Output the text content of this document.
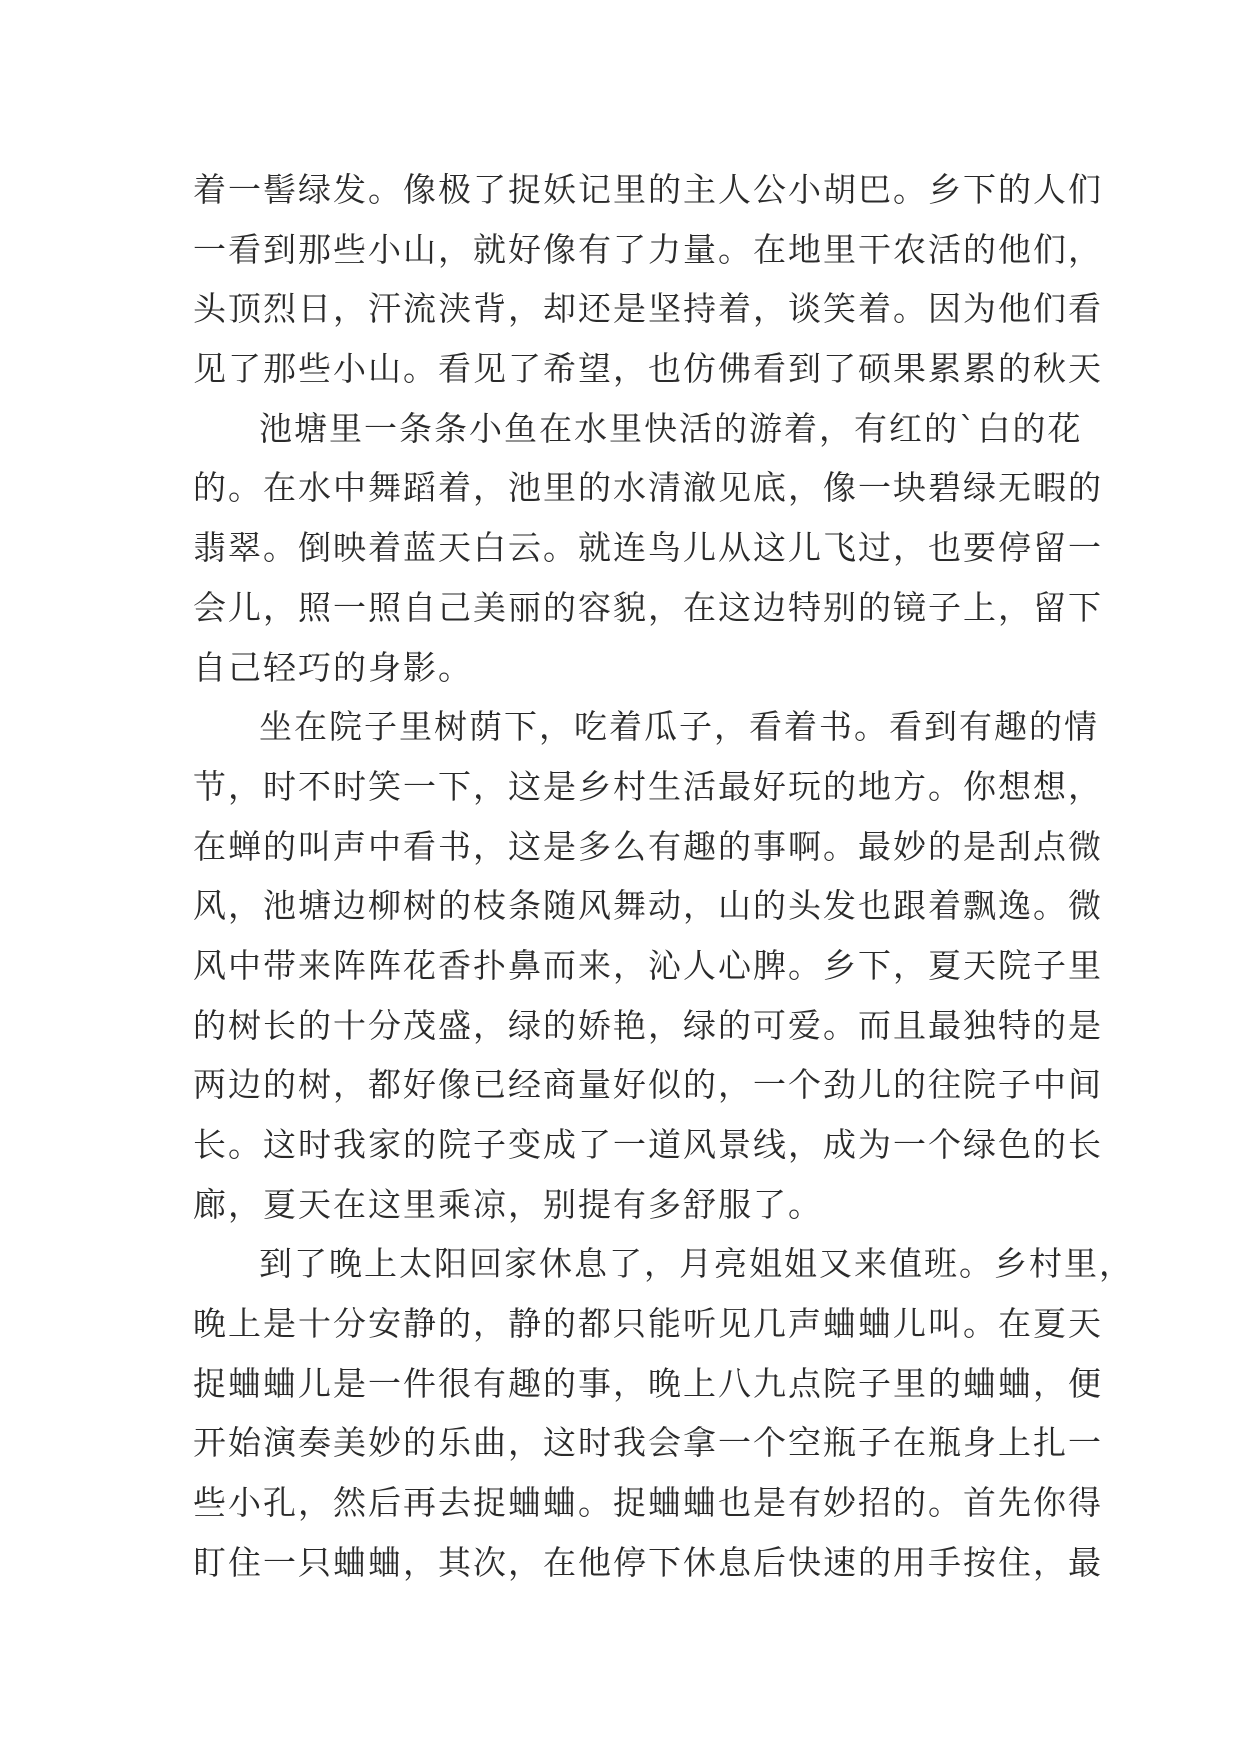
着一髻绿发。像极了捉妖记里的主人公小胡巴。乡下的人们
一看到那些小山，就好像有了力量。在地里干农活的他们，
头顶烈日，汗流浃背，却还是坚持着，谈笑着。因为他们看
见了那些小山。看见了希望，也仿佛看到了硕果累累的秋天
池塘里一条条小鱼在水里快活的游着，有红的`白的花
的。在水中舞蹈着，池里的水清澈见底，像一块碧绿无暇的
翡翠。倒映着蓝天白云。就连鸟儿从这儿飞过，也要停留一
会儿，照一照自己美丽的容貌，在这边特别的镜子上，留下
自己轻巧的身影。
坐在院子里树荫下，吃着瓜子，看着书。看到有趣的情
节，时不时笑一下，这是乡村生活最好玩的地方。你想想，
在蝉的叫声中看书，这是多么有趣的事啊。最妙的是刮点微
风，池塘边柳树的枝条随风舞动，山的头发也跟着飘逸。微
风中带来阵阵花香扑鼻而来，沁人心脾。乡下，夏天院子里
的树长的十分茂盛，绿的娇艳，绿的可爱。而且最独特的是
两边的树，都好像已经商量好似的，一个劲儿的往院子中间
长。这时我家的院子变成了一道风景线，成为一个绿色的长
廊，夏天在这里乘凉，别提有多舒服了。
到了晚上太阳回家休息了，月亮姐姐又来值班。乡村里，
晚上是十分安静的，静的都只能听见几声蛐蛐儿叫。在夏天
捉蛐蛐儿是一件很有趣的事，晚上八九点院子里的蛐蛐，便
开始演奏美妙的乐曲，这时我会拿一个空瓶子在瓶身上扎一
些小孔，然后再去捉蛐蛐。捉蛐蛐也是有妙招的。首先你得
盯住一只蛐蛐，其次，在他停下休息后快速的用手按住，最
